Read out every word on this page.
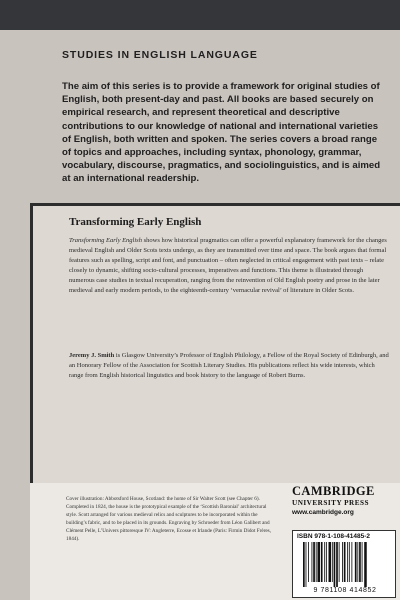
STUDIES IN ENGLISH LANGUAGE
The aim of this series is to provide a framework for original studies of English, both present-day and past. All books are based securely on empirical research, and represent theoretical and descriptive contributions to our knowledge of national and international varieties of English, both written and spoken. The series covers a broad range of topics and approaches, including syntax, phonology, grammar, vocabulary, discourse, pragmatics, and sociolinguistics, and is aimed at an international readership.
Transforming Early English
Transforming Early English shows how historical pragmatics can offer a powerful explanatory framework for the changes medieval English and Older Scots texts undergo, as they are transmitted over time and space. The book argues that formal features such as spelling, script and font, and punctuation – often neglected in critical engagement with past texts – relate closely to dynamic, shifting socio-cultural processes, imperatives and functions. This theme is illustrated through numerous case studies in textual recuperation, ranging from the reinvention of Old English poetry and prose in the later medieval and early modern periods, to the eighteenth-century ‘vernacular revival’ of literature in Older Scots.
Jeremy J. Smith is Glasgow University’s Professor of English Philology, a Fellow of the Royal Society of Edinburgh, and an Honorary Fellow of the Association for Scottish Literary Studies. His publications reflect his wide interests, which range from English historical linguistics and book history to the language of Robert Burns.
Cover illustration: Abbotsford House, Scotland: the home of Sir Walter Scott (see Chapter 6). Completed in 1824, the house is the prototypical example of the ‘Scottish Baronial’ architectural style. Scott arranged for various medieval relics and sculptures to be incorporated within the building’s fabric, and to be placed in its grounds. Engraving by Schroeder from Léon Galibert and Clément Pelle, L’Univers pittoresque IV: Angleterre, Ecosse et Irlande (Paris: Firmin Didot Frères, 1844).
CAMBRIDGE
UNIVERSITY PRESS
www.cambridge.org
ISBN 978-1-108-41485-2
9 781108 414852
